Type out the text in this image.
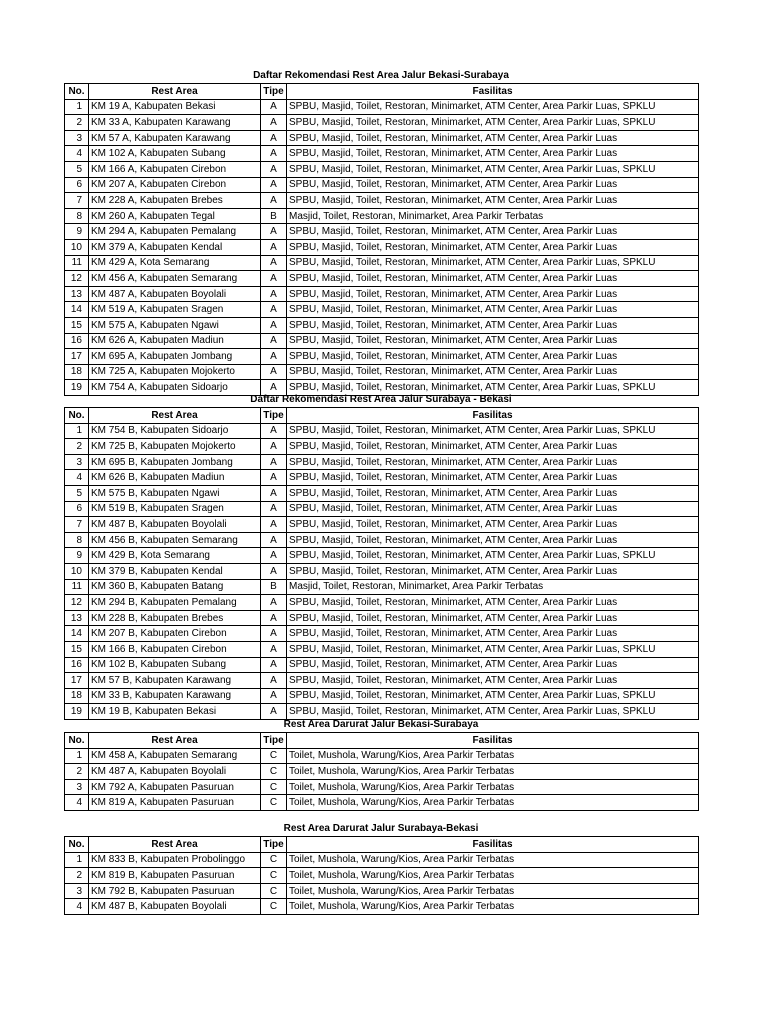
Daftar Rekomendasi Rest Area Jalur Bekasi-Surabaya
No.	Rest Area	Tipe	Fasilitas
1	KM 19 A, Kabupaten Bekasi	A	SPBU, Masjid, Toilet, Restoran, Minimarket, ATM Center, Area Parkir Luas, SPKLU
2	KM 33 A, Kabupaten Karawang	A	SPBU, Masjid, Toilet, Restoran, Minimarket, ATM Center, Area Parkir Luas, SPKLU
3	KM 57 A, Kabupaten Karawang	A	SPBU, Masjid, Toilet, Restoran, Minimarket, ATM Center, Area Parkir Luas
4	KM 102 A, Kabupaten Subang	A	SPBU, Masjid, Toilet, Restoran, Minimarket, ATM Center, Area Parkir Luas
5	KM 166 A, Kabupaten Cirebon	A	SPBU, Masjid, Toilet, Restoran, Minimarket, ATM Center, Area Parkir Luas, SPKLU
6	KM 207 A, Kabupaten Cirebon	A	SPBU, Masjid, Toilet, Restoran, Minimarket, ATM Center, Area Parkir Luas
7	KM 228 A, Kabupaten Brebes	A	SPBU, Masjid, Toilet, Restoran, Minimarket, ATM Center, Area Parkir Luas
8	KM 260 A, Kabupaten Tegal	B	Masjid, Toilet, Restoran, Minimarket, Area Parkir Terbatas
9	KM 294 A, Kabupaten Pemalang	A	SPBU, Masjid, Toilet, Restoran, Minimarket, ATM Center, Area Parkir Luas
10	KM 379 A, Kabupaten Kendal	A	SPBU, Masjid, Toilet, Restoran, Minimarket, ATM Center, Area Parkir Luas
11	KM 429 A, Kota Semarang	A	SPBU, Masjid, Toilet, Restoran, Minimarket, ATM Center, Area Parkir Luas, SPKLU
12	KM 456 A, Kabupaten Semarang	A	SPBU, Masjid, Toilet, Restoran, Minimarket, ATM Center, Area Parkir Luas
13	KM 487 A, Kabupaten Boyolali	A	SPBU, Masjid, Toilet, Restoran, Minimarket, ATM Center, Area Parkir Luas
14	KM 519 A, Kabupaten Sragen	A	SPBU, Masjid, Toilet, Restoran, Minimarket, ATM Center, Area Parkir Luas
15	KM 575 A, Kabupaten Ngawi	A	SPBU, Masjid, Toilet, Restoran, Minimarket, ATM Center, Area Parkir Luas
16	KM 626 A, Kabupaten Madiun	A	SPBU, Masjid, Toilet, Restoran, Minimarket, ATM Center, Area Parkir Luas
17	KM 695 A, Kabupaten Jombang	A	SPBU, Masjid, Toilet, Restoran, Minimarket, ATM Center, Area Parkir Luas
18	KM 725 A, Kabupaten Mojokerto	A	SPBU, Masjid, Toilet, Restoran, Minimarket, ATM Center, Area Parkir Luas
19	KM 754 A, Kabupaten Sidoarjo	A	SPBU, Masjid, Toilet, Restoran, Minimarket, ATM Center, Area Parkir Luas, SPKLU
Daftar Rekomendasi Rest Area Jalur Surabaya - Bekasi
No.	Rest Area	Tipe	Fasilitas
1	KM 754 B, Kabupaten Sidoarjo	A	SPBU, Masjid, Toilet, Restoran, Minimarket, ATM Center, Area Parkir Luas, SPKLU
2	KM 725 B, Kabupaten Mojokerto	A	SPBU, Masjid, Toilet, Restoran, Minimarket, ATM Center, Area Parkir Luas
3	KM 695 B, Kabupaten Jombang	A	SPBU, Masjid, Toilet, Restoran, Minimarket, ATM Center, Area Parkir Luas
4	KM 626 B, Kabupaten Madiun	A	SPBU, Masjid, Toilet, Restoran, Minimarket, ATM Center, Area Parkir Luas
5	KM 575 B, Kabupaten Ngawi	A	SPBU, Masjid, Toilet, Restoran, Minimarket, ATM Center, Area Parkir Luas
6	KM 519 B, Kabupaten Sragen	A	SPBU, Masjid, Toilet, Restoran, Minimarket, ATM Center, Area Parkir Luas
7	KM 487 B, Kabupaten Boyolali	A	SPBU, Masjid, Toilet, Restoran, Minimarket, ATM Center, Area Parkir Luas
8	KM 456 B, Kabupaten Semarang	A	SPBU, Masjid, Toilet, Restoran, Minimarket, ATM Center, Area Parkir Luas
9	KM 429 B, Kota Semarang	A	SPBU, Masjid, Toilet, Restoran, Minimarket, ATM Center, Area Parkir Luas, SPKLU
10	KM 379 B, Kabupaten Kendal	A	SPBU, Masjid, Toilet, Restoran, Minimarket, ATM Center, Area Parkir Luas
11	KM 360 B, Kabupaten Batang	B	Masjid, Toilet, Restoran, Minimarket, Area Parkir Terbatas
12	KM 294 B, Kabupaten Pemalang	A	SPBU, Masjid, Toilet, Restoran, Minimarket, ATM Center, Area Parkir Luas
13	KM 228 B, Kabupaten Brebes	A	SPBU, Masjid, Toilet, Restoran, Minimarket, ATM Center, Area Parkir Luas
14	KM 207 B, Kabupaten Cirebon	A	SPBU, Masjid, Toilet, Restoran, Minimarket, ATM Center, Area Parkir Luas
15	KM 166 B, Kabupaten Cirebon	A	SPBU, Masjid, Toilet, Restoran, Minimarket, ATM Center, Area Parkir Luas, SPKLU
16	KM 102 B, Kabupaten Subang	A	SPBU, Masjid, Toilet, Restoran, Minimarket, ATM Center, Area Parkir Luas
17	KM 57 B, Kabupaten Karawang	A	SPBU, Masjid, Toilet, Restoran, Minimarket, ATM Center, Area Parkir Luas
18	KM 33 B, Kabupaten Karawang	A	SPBU, Masjid, Toilet, Restoran, Minimarket, ATM Center, Area Parkir Luas, SPKLU
19	KM 19 B, Kabupaten Bekasi	A	SPBU, Masjid, Toilet, Restoran, Minimarket, ATM Center, Area Parkir Luas, SPKLU
Rest Area Darurat Jalur Bekasi-Surabaya
No.	Rest Area	Tipe	Fasilitas
1	KM 458 A, Kabupaten Semarang	C	Toilet, Mushola, Warung/Kios, Area Parkir Terbatas
2	KM 487 A, Kabupaten Boyolali	C	Toilet, Mushola, Warung/Kios, Area Parkir Terbatas
3	KM 792 A, Kabupaten Pasuruan	C	Toilet, Mushola, Warung/Kios, Area Parkir Terbatas
4	KM 819 A, Kabupaten Pasuruan	C	Toilet, Mushola, Warung/Kios, Area Parkir Terbatas
Rest Area Darurat Jalur Surabaya-Bekasi
No.	Rest Area	Tipe	Fasilitas
1	KM 833 B, Kabupaten Probolinggo	C	Toilet, Mushola, Warung/Kios, Area Parkir Terbatas
2	KM 819 B, Kabupaten Pasuruan	C	Toilet, Mushola, Warung/Kios, Area Parkir Terbatas
3	KM 792 B, Kabupaten Pasuruan	C	Toilet, Mushola, Warung/Kios, Area Parkir Terbatas
4	KM 487 B, Kabupaten Boyolali	C	Toilet, Mushola, Warung/Kios, Area Parkir Terbatas
